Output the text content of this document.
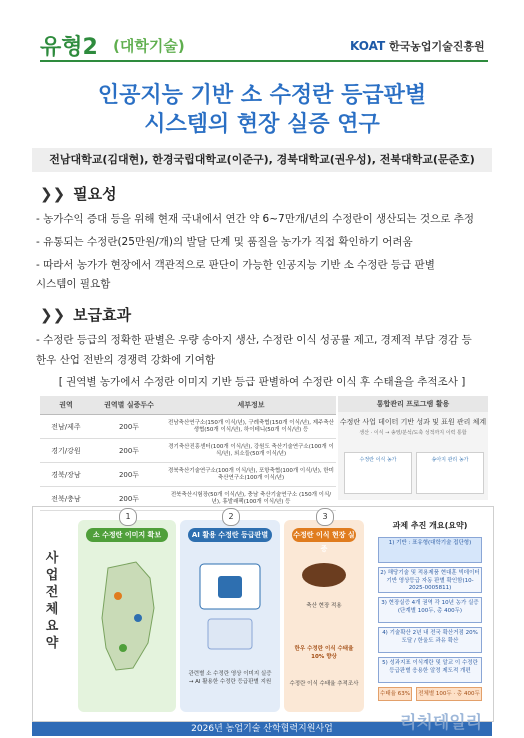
유형2 (대학기술)	KOAT 한국농업기술진흥원
인공지능 기반 소 수정란 등급판별
시스템의 현장 실증 연구
전남대학교(김대현), 한경국립대학교(이준구), 경북대학교(권우성), 전북대학교(문준호)
❯❯ 필요성
- 농가수익 증대 등을 위해 현재 국내에서 연간 약 6~7만개/년의 수정란이 생산되는 것으로 추정
- 유통되는 수정란(25만원/개)의 발달 단계 및 품질을 농가가 직접 확인하기 어려움
- 따라서 농가가 현장에서 객관적으로 판단이 가능한 인공지능 기반 소 수정란 등급 판별
시스템이 필요함
❯❯ 보급효과
- 수정란 등급의 정확한 판별은 우량 송아지 생산, 수정란 이식 성공률 제고, 경제적 부담 경감 등
한우 산업 전반의 경쟁력 강화에 기여함
[ 권역별 농가에서 수정란 이미지 기반 등급 판별하여 수정란 이식 후 수태율을 추적조사 ]
권역	권역별 실증두수	세부정보
전남/제주	200두	전남축산연구소(150개 이식/년), 구례축협(150개 이식/년), 제주축산생협(50개 이식/년), 하이테니(50개 이식/년) 등
경기/강원	200두	경기축산진흥센터(100개 이식/년), 강원도 축산기술연구소(100개 이식/년), 외소들(50개 이식/년)
경북/장남	200두	경북축산기술연구소(100개 이식/년), 포항축협(100개 이식/년), 한미축산연구소(100개 이식/년)
전북/충남	200두	전북축산시험장(50개 이식/년), 충남 축산기술연구소 (150개 이식/년), 휴발래팩(100개 이식/년) 등
통합관리 프로그램 활용
수정란 사업 데이터 기반 성과 및 표원 관리 체계
생산 · 이식 → 송영/분석/도축 성적까지 이력 통합
수정란 이식 농가	송아지 관리 농가
사업전체요약
1
소 수정란 이미지 확보
2
AI 활용 수정란 등급판별
관련별 소 수정란 영상 이미지 실증 → AI 활용한 수정란 등급판별 지원
3
수정란 이식 현장 실증
축산 현장 적용
한우 수정란 이식 수태율 10% 향상
수정란 이식 수태율 추적조사
과제 추진 개요(요약)
1) 기반 : 표유형(대학기술 접단형)
2) 해당기술 및 적용제품 현대훈 빅데이터 기반 영상등급 자동 판별 확인함(10-2025-0005811)
3) 현장실증 4개 권역 각 10년 농가 실증 (단계별 100두, 총 400두)
4) 기술확산 2년 내 전국 확산거점 20% 도달 / 한울도 과유 확산
5) 성과지표 이식계란 및 알교 이 수정란 등급판별 응용한 알정 제도적 개편
수태율 63%	전체별 100두 · 총 400두
2026년 농업기술 산학협력지원사업	리치데일리
